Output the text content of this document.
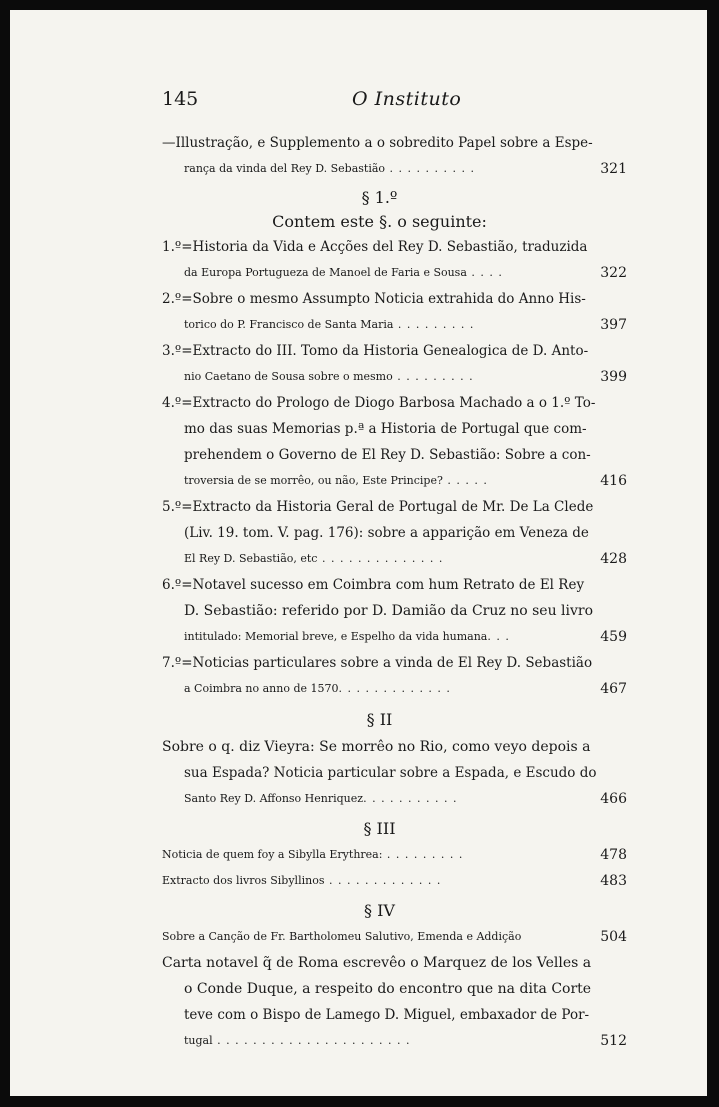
145	O Instituto
—Illustração, e Supplemento a o sobredito Papel sobre a Espe-
rança da vinda del Rey D. Sebastião . . . . . . . . . .	321
§ 1.º
Contem este §. o seguinte:
1.º=Historia da Vida e Acções del Rey D. Sebastião, traduzida
da Europa Portugueza de Manoel de Faria e Sousa . . . .	322
2.º=Sobre o mesmo Assumpto Noticia extrahida do Anno His-
torico do P. Francisco de Santa Maria . . . . . . . . .	397
3.º=Extracto do III. Tomo da Historia Genealogica de D. Anto-
nio Caetano de Sousa sobre o mesmo . . . . . . . . .	399
4.º=Extracto do Prologo de Diogo Barbosa Machado a o 1.º To-
mo das suas Memorias p.ª a Historia de Portugal que com-
prehendem o Governo de El Rey D. Sebastião: Sobre a con-
troversia de se morrêo, ou não, Este Principe? . . . . .	416
5.º=Extracto da Historia Geral de Portugal de Mr. De La Clede
(Liv. 19. tom. V. pag. 176): sobre a apparição em Veneza de
El Rey D. Sebastião, etc . . . . . . . . . . . . . .	428
6.º=Notavel sucesso em Coimbra com hum Retrato de El Rey
D. Sebastião: referido por D. Damião da Cruz no seu livro
intitulado: Memorial breve, e Espelho da vida humana. . .	459
7.º=Noticias particulares sobre a vinda de El Rey D. Sebastião
a Coimbra no anno de 1570. . . . . . . . . . . . .	467
§ II
Sobre o q. diz Vieyra: Se morrêo no Rio, como veyo depois a
sua Espada? Noticia particular sobre a Espada, e Escudo do
Santo Rey D. Affonso Henriquez. . . . . . . . . . .	466
§ III
Noticia de quem foy a Sibylla Erythrea: . . . . . . . . .	478
Extracto dos livros Sibyllinos . . . . . . . . . . . . .	483
§ IV
Sobre a Canção de Fr. Bartholomeu Salutivo, Emenda e Addição	504
Carta notavel q̃ de Roma escrevêo o Marquez de los Velles a
o Conde Duque, a respeito do encontro que na dita Corte
teve com o Bispo de Lamego D. Miguel, embaxador de Por-
tugal . . . . . . . . . . . . . . . . . . . . . .	512
